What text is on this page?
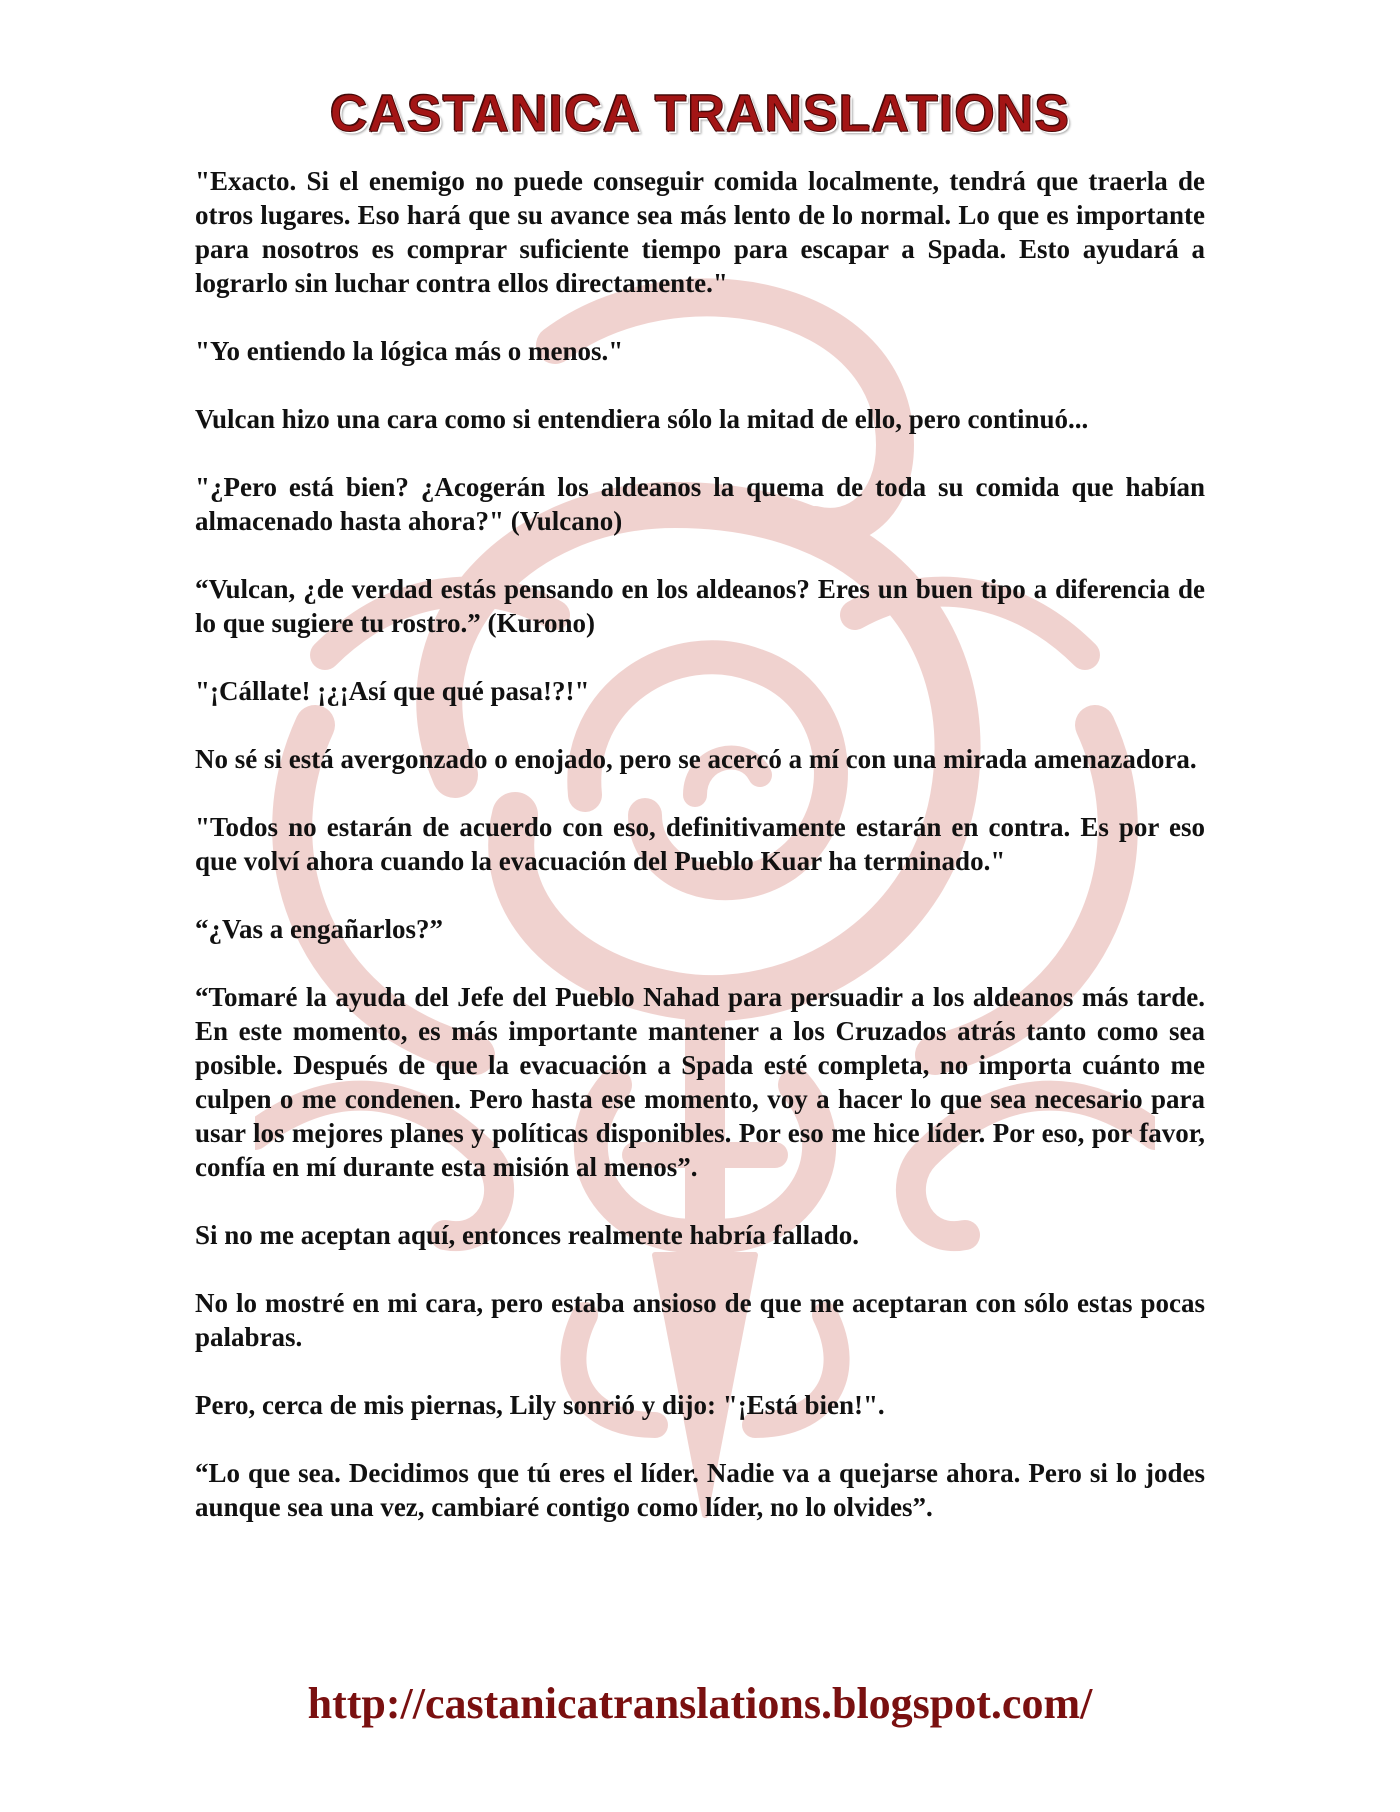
CASTANICA TRANSLATIONS

"Exacto. Si el enemigo no puede conseguir comida localmente, tendrá que traerla de otros lugares. Eso hará que su avance sea más lento de lo normal. Lo que es importante para nosotros es comprar suficiente tiempo para escapar a Spada. Esto ayudará a lograrlo sin luchar contra ellos directamente."

"Yo entiendo la lógica más o menos."

Vulcan hizo una cara como si entendiera sólo la mitad de ello, pero continuó...

"¿Pero está bien? ¿Acogerán los aldeanos la quema de toda su comida que habían almacenado hasta ahora?" (Vulcano)

“Vulcan, ¿de verdad estás pensando en los aldeanos? Eres un buen tipo a diferencia de lo que sugiere tu rostro.” (Kurono)

"¡Cállate! ¡¿¡Así que qué pasa!?!"

No sé si está avergonzado o enojado, pero se acercó a mí con una mirada amenazadora.

"Todos no estarán de acuerdo con eso, definitivamente estarán en contra. Es por eso que volví ahora cuando la evacuación del Pueblo Kuar ha terminado."

“¿Vas a engañarlos?”

“Tomaré la ayuda del Jefe del Pueblo Nahad para persuadir a los aldeanos más tarde. En este momento, es más importante mantener a los Cruzados atrás tanto como sea posible. Después de que la evacuación a Spada esté completa, no importa cuánto me culpen o me condenen. Pero hasta ese momento, voy a hacer lo que sea necesario para usar los mejores planes y políticas disponibles. Por eso me hice líder. Por eso, por favor, confía en mí durante esta misión al menos”.

Si no me aceptan aquí, entonces realmente habría fallado.

No lo mostré en mi cara, pero estaba ansioso de que me aceptaran con sólo estas pocas palabras.

Pero, cerca de mis piernas, Lily sonrió y dijo: "¡Está bien!".

“Lo que sea. Decidimos que tú eres el líder. Nadie va a quejarse ahora. Pero si lo jodes aunque sea una vez, cambiaré contigo como líder, no lo olvides”.

http://castanicatranslations.blogspot.com/
